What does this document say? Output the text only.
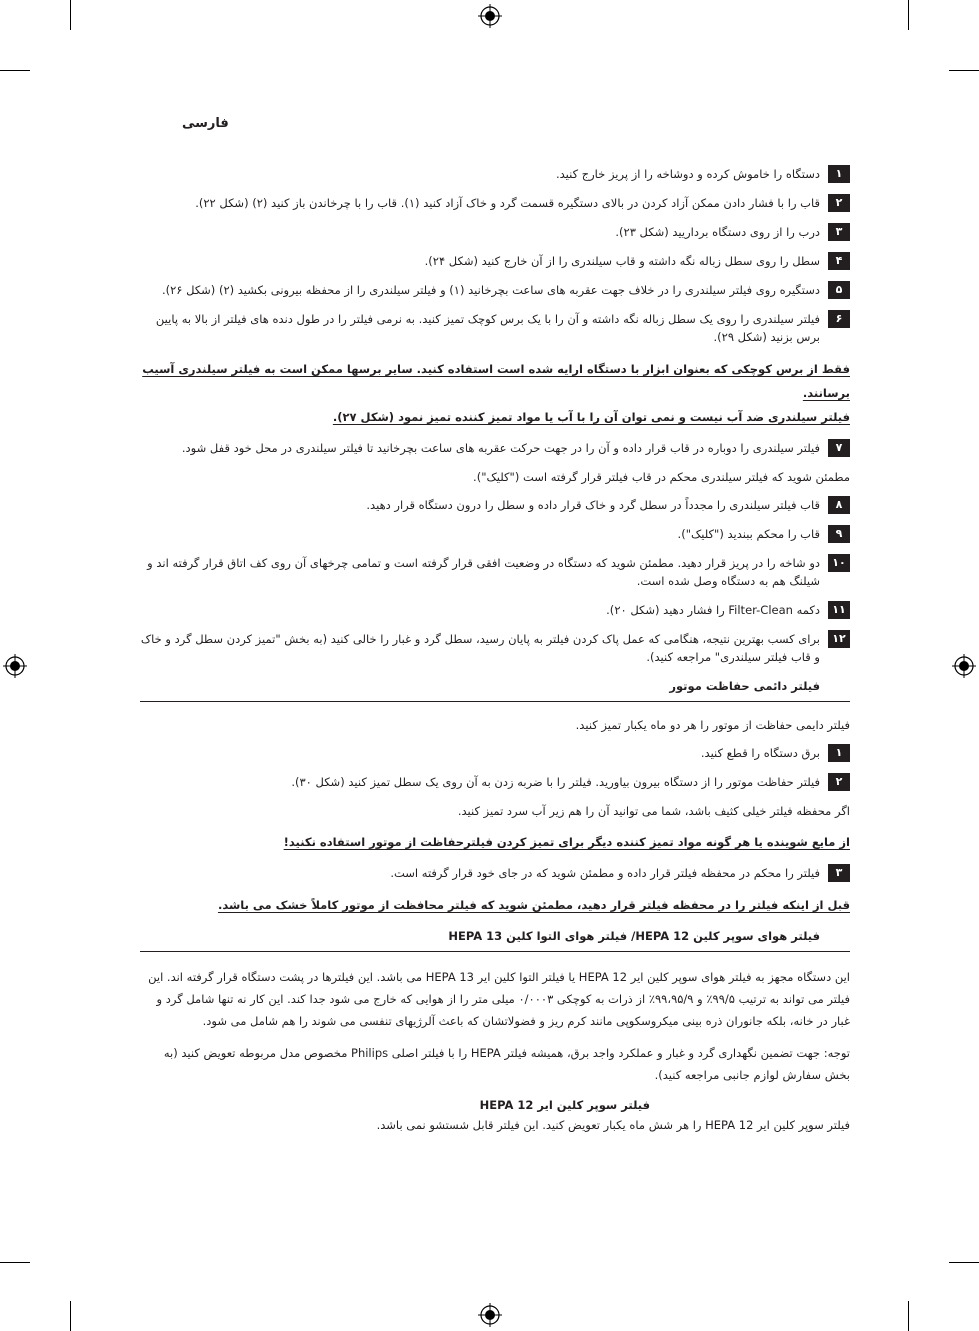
فارسی
۱
دستگاه را خاموش کرده و دوشاخه را از پریز خارج کنید.
۲
قاب را با فشار دادن ممکن آزاد کردن در بالای دستگیره قسمت گرد و خاک آزاد کنید (۱). قاب را با چرخاندن باز کنید (۲) (شکل ۲۲).
۳
درب را از روی دستگاه برداریید (شکل ۲۳).
۴
سطل را روی سطل زباله نگه داشته و قاب سیلندری را از آن خارج کنید (شکل ۲۴).
۵
دستگیره روی فیلتر سیلندری را در خلاف جهت عقربه های ساعت بچرخانید (۱) و فیلتر سیلندری را از محفظه بیرونی بکشید (۲) (شکل ۲۶).
۶
فیلتر سیلندری را روی یک سطل زباله نگه داشته و آن را با یک برس کوچک تمیز کنید. به نرمی فیلتر را در طول دنده های فیلتر از بالا به پایین برس بزنید (شکل ۲۹).
فقط از برس کوچکی که بعنوان ابزار با دستگاه ارایه شده است استفاده کنید. سایر برسها ممکن است به فیلتر سیلندری آسیب برسانند.
فیلتر سیلندری ضد آب نیست و نمی توان آن را با آب یا مواد تمیز کننده تمیز نمود (شکل ۲۷).
۷
فیلتر سیلندری را دوباره در قاب قرار داده و آن را در جهت حرکت عقربه های ساعت بچرخانید تا فیلتر سیلندری در محل خود قفل شود.
مطمئن شوید که فیلتر سیلندری محکم در قاب فیلتر قرار گرفته است ("کلیک").
۸
قاب فیلتر سیلندری را مجدداً در سطل گرد و خاک قرار داده و سطل را درون دستگاه قرار دهید.
۹
قاب را محکم ببندید ("کلیک").
۱۰
دو شاخه را در پریز قرار دهید. مطمئن شوید که دستگاه در وضعیت افقی قرار گرفته است و تمامی چرخهای آن روی کف اتاق قرار گرفته اند و شیلنگ هم به دستگاه وصل شده است.
۱۱
دکمه Filter-Clean را فشار دهید (شکل ۲۰).
۱۲
برای کسب بهترین نتیجه، هنگامی که عمل پاک کردن فیلتر به پایان رسید، سطل گرد و غبار را خالی کنید (به بخش "تمیز کردن سطل گرد و خاک و قاب فیلتر سیلندری" مراجعه کنید).
فیلتر دائمی حفاظت موتور
فیلتر دایمی حفاظت از موتور را هر دو ماه یکبار تمیز کنید.
۱
برق دستگاه را قطع کنید.
۲
فیلتر حفاظت موتور را از دستگاه بیرون بیاورید. فیلتر را با ضربه زدن به آن روی یک سطل تمیز کنید (شکل ۳۰).
اگر محفظه فیلتر خیلی کثیف باشد، شما می توانید آن را هم زیر آب سرد تمیز کنید.
از مایع شوینده یا هر گونه مواد تمیز کننده دیگر برای تمیز کردن فیلترحفاظت از موتور استفاده نکنید!
۳
فیلتر را محکم در محفظه فیلتر قرار داده و مطمئن شوید که در جای خود قرار گرفته است.
قبل از اینکه فیلتر را در محفظه فیلتر قرار دهید، مطمئن شوید که فیلتر محافظت از موتور کاملاً خشک می باشد.
فیلتر هوای سوپر کلین HEPA 12/ فیلتر هوای التوا کلین HEPA 13
این دستگاه مجهز به فیلتر هوای سوپر کلین ایر HEPA 12 یا فیلتر التوا کلین ایر HEPA 13 می باشد. این فیلترها در پشت دستگاه قرار گرفته اند. این فیلتر می تواند به ترتیب ۹۹/۵٪ و ۹۹،۹۵/۹٪ از ذرات به کوچکی ۰/۰۰۰۳ میلی متر را از هوایی که خارج می شود جدا کند. این کار نه تنها شامل گرد و غبار در خانه، بلکه جانوران ذره بینی میکروسکوپی مانند کرم ریز و فضولاتشان که باعث آلرژیهای تنفسی می شوند را هم شامل می شود.
توجه: جهت تضمین نگهداری گرد و غبار و عملکرد واجد برق، همیشه فیلتر HEPA را با فیلتر اصلی Philips مخصوص مدل مربوطه تعویض کنید (به بخش سفارش لوازم جانبی مراجعه کنید).
فیلتر سوپر کلین ایر HEPA 12
فیلتر سوپر کلین ایر HEPA 12 را هر شش ماه یکبار تعویض کنید. این فیلتر قابل شستشو نمی باشد.
